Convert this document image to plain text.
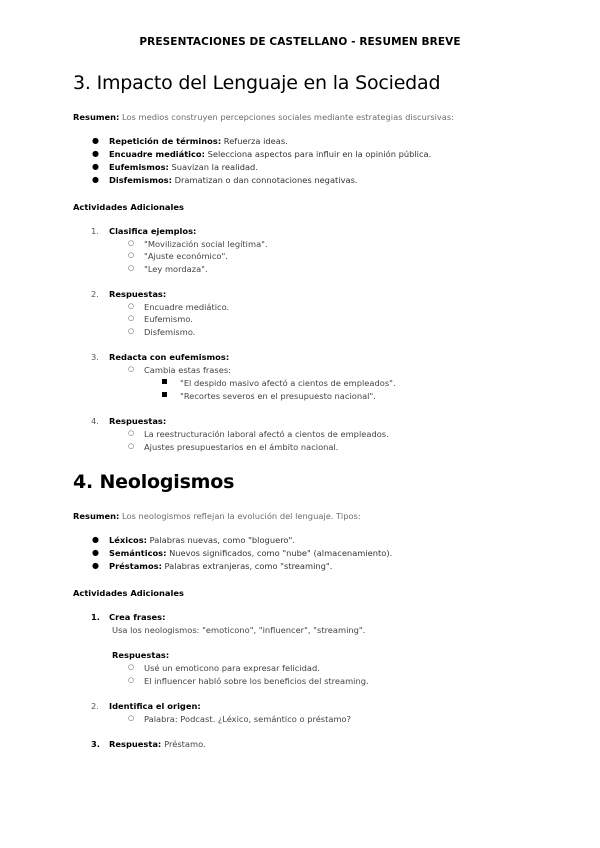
PRESENTACIONES DE CASTELLANO - RESUMEN BREVE
3. Impacto del Lenguaje en la Sociedad
Resumen: Los medios construyen percepciones sociales mediante estrategias discursivas:
● Repetición de términos: Refuerza ideas.
● Encuadre mediático: Selecciona aspectos para influir en la opinión pública.
● Eufemismos: Suavizan la realidad.
● Disfemismos: Dramatizan o dan connotaciones negativas.
Actividades Adicionales
1. Clasifica ejemplos:
○ "Movilización social legítima".
○ "Ajuste económico".
○ "Ley mordaza".
2. Respuestas:
○ Encuadre mediático.
○ Eufemismo.
○ Disfemismo.
3. Redacta con eufemismos:
○ Cambia estas frases:
"El despido masivo afectó a cientos de empleados".
"Recortes severos en el presupuesto nacional".
4. Respuestas:
○ La reestructuración laboral afectó a cientos de empleados.
○ Ajustes presupuestarios en el ámbito nacional.
4. Neologismos
Resumen: Los neologismos reflejan la evolución del lenguaje. Tipos:
● Léxicos: Palabras nuevas, como "bloguero".
● Semánticos: Nuevos significados, como "nube" (almacenamiento).
● Préstamos: Palabras extranjeras, como "streaming".
Actividades Adicionales
1. Crea frases:
Usa los neologismos: "emoticono", "influencer", "streaming".
Respuestas:
○ Usé un emoticono para expresar felicidad.
○ El influencer habló sobre los beneficios del streaming.
2. Identifica el origen:
○ Palabra: Podcast. ¿Léxico, semántico o préstamo?
3. Respuesta: Préstamo.
